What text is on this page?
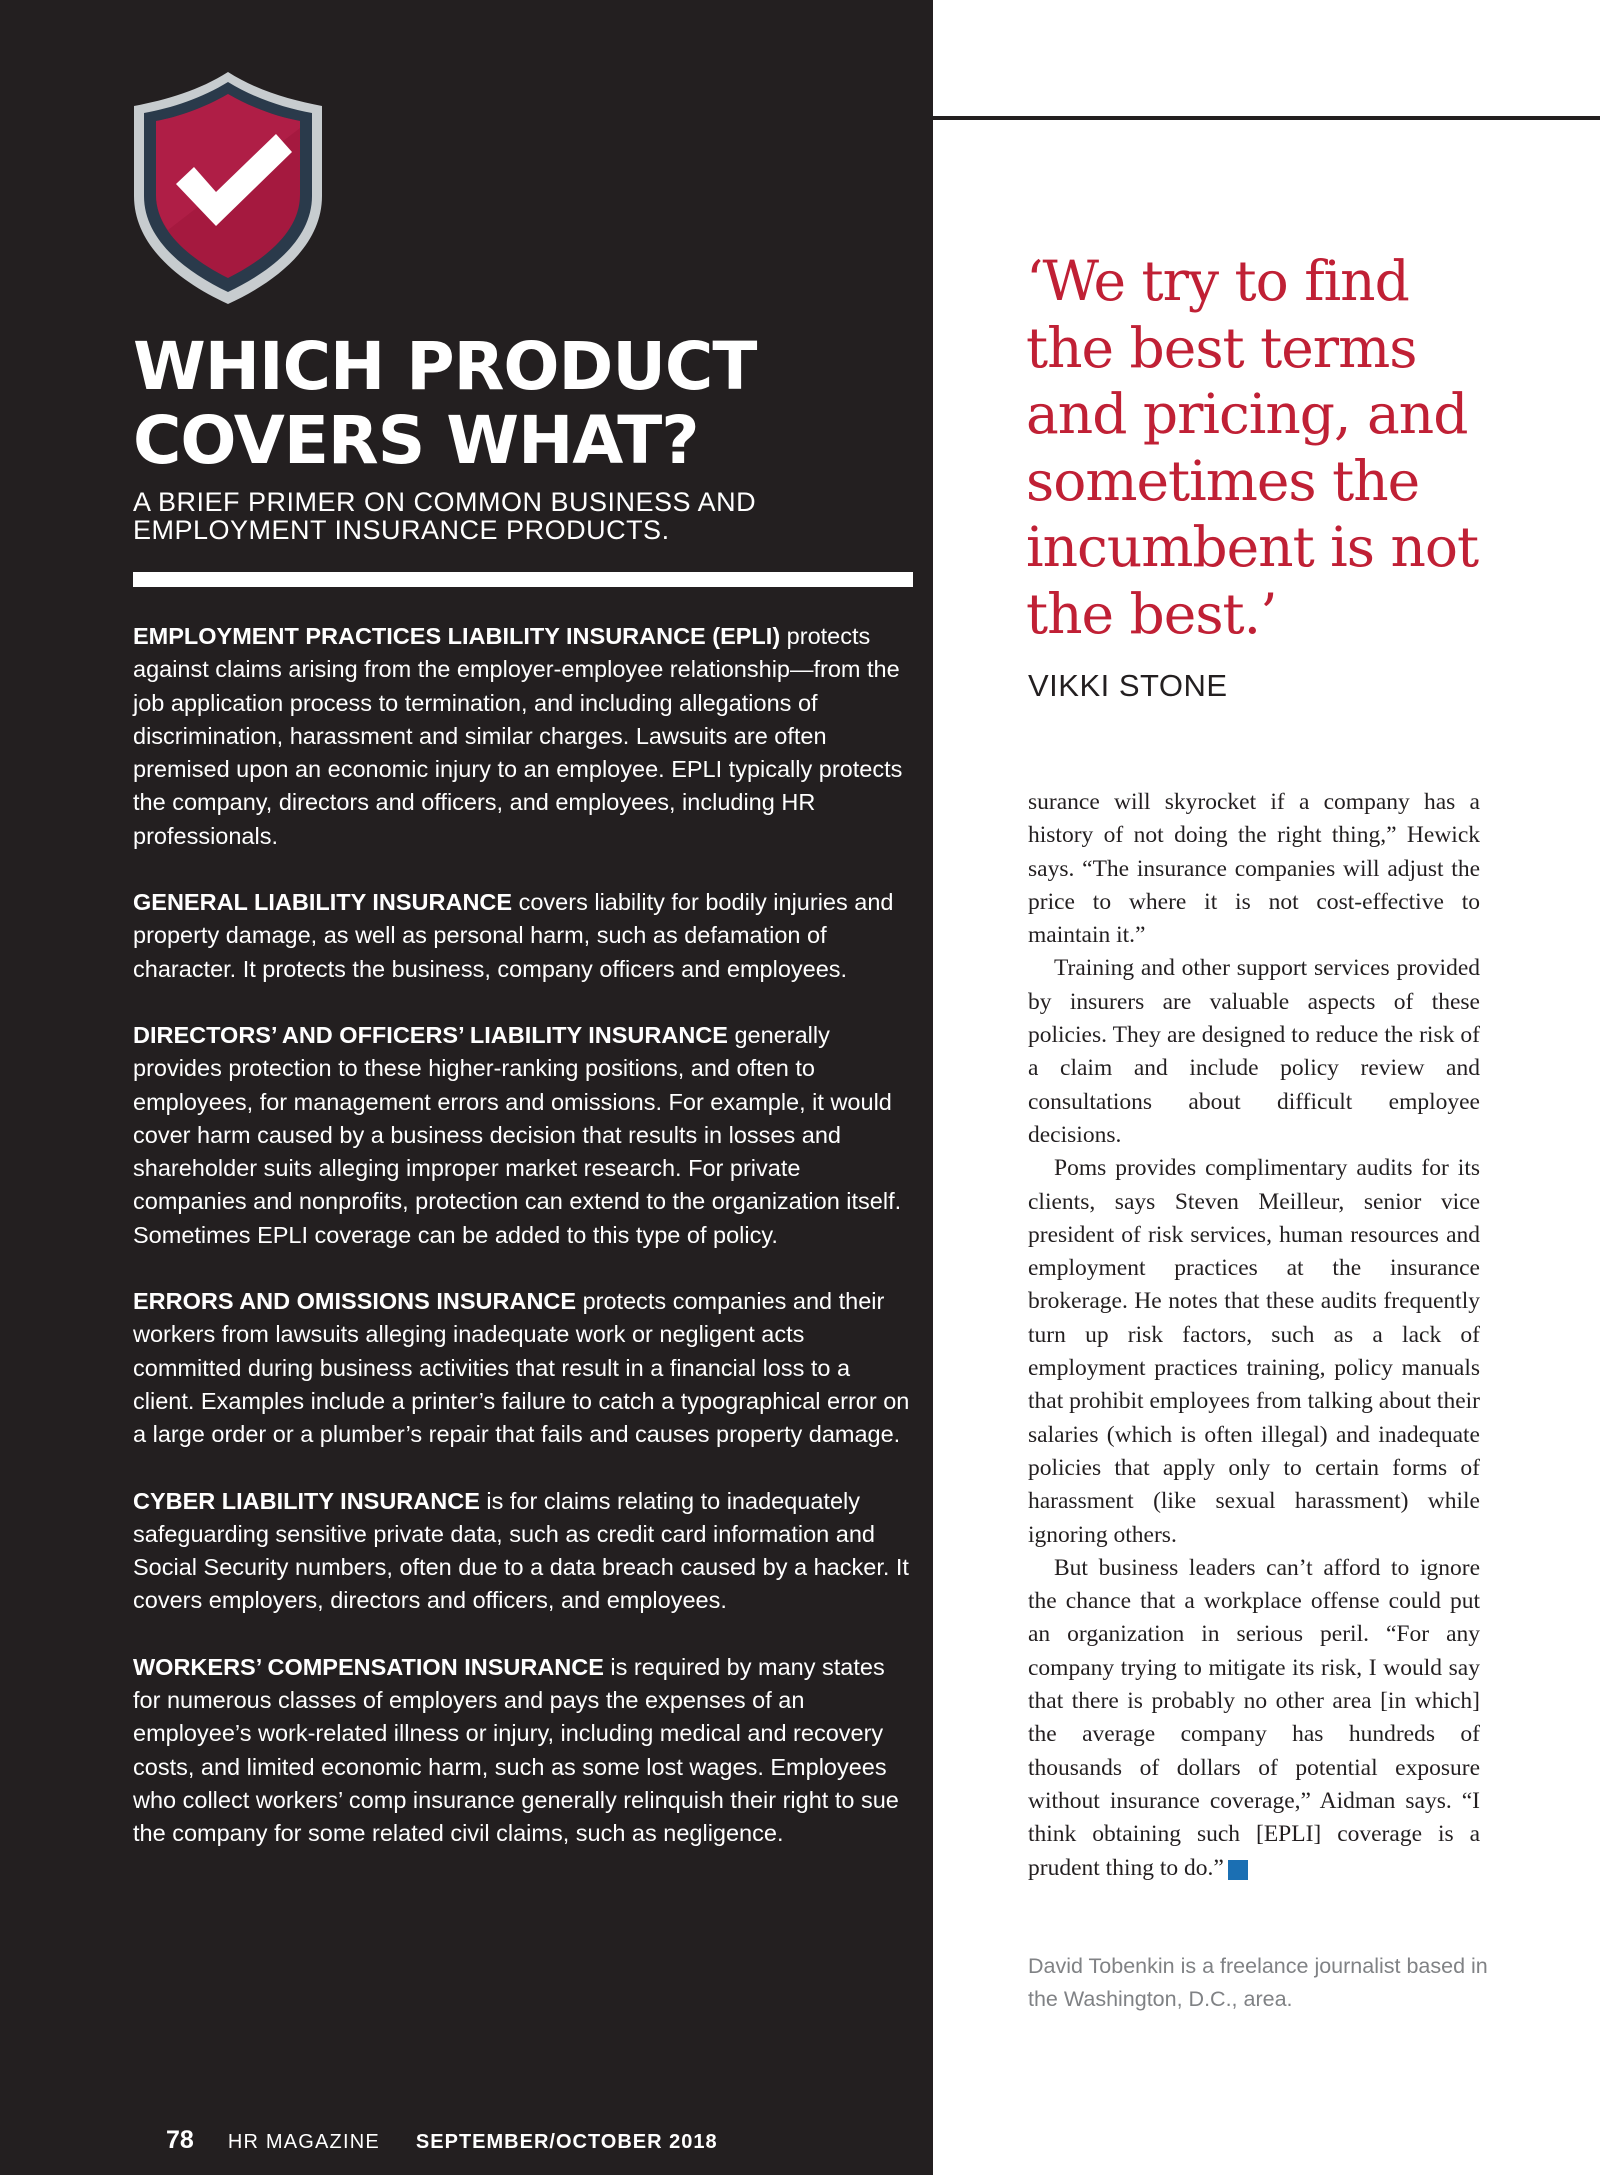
WHICH PRODUCT
COVERS WHAT?

A BRIEF PRIMER ON COMMON BUSINESS AND
EMPLOYMENT INSURANCE PRODUCTS.

EMPLOYMENT PRACTICES LIABILITY INSURANCE (EPLI) protects against claims arising from the employer-employee relationship—from the job application process to termination, and including allegations of discrimination, harassment and similar charges. Lawsuits are often premised upon an economic injury to an employee. EPLI typically protects the company, directors and officers, and employees, including HR professionals.

GENERAL LIABILITY INSURANCE covers liability for bodily injuries and property damage, as well as personal harm, such as defamation of character. It protects the business, company officers and employees.

DIRECTORS’ AND OFFICERS’ LIABILITY INSURANCE generally provides protection to these higher-ranking positions, and often to employees, for management errors and omissions. For example, it would cover harm caused by a business decision that results in losses and shareholder suits alleging improper market research. For private companies and nonprofits, protection can extend to the organization itself. Sometimes EPLI coverage can be added to this type of policy.

ERRORS AND OMISSIONS INSURANCE protects companies and their workers from lawsuits alleging inadequate work or negligent acts committed during business activities that result in a financial loss to a client. Examples include a printer’s failure to catch a typographical error on a large order or a plumber’s repair that fails and causes property damage.

CYBER LIABILITY INSURANCE is for claims relating to inadequately safeguarding sensitive private data, such as credit card information and Social Security numbers, often due to a data breach caused by a hacker. It covers employers, directors and officers, and employees.

WORKERS’ COMPENSATION INSURANCE is required by many states for numerous classes of employers and pays the expenses of an employee’s work-related illness or injury, including medical and recovery costs, and limited economic harm, such as some lost wages. Employees who collect workers’ comp insurance generally relinquish their right to sue the company for some related civil claims, such as negligence.

78 HR MAGAZINE SEPTEMBER/OCTOBER 2018

‘We try to find
the best terms
and pricing, and
sometimes the
incumbent is not
the best.’

VIKKI STONE

surance will skyrocket if a company has a history of not doing the right thing,” Hewick says. “The insurance companies will adjust the price to where it is not cost-effective to maintain it.”

Training and other support services provided by insurers are valuable aspects of these policies. They are designed to reduce the risk of a claim and include policy review and consultations about difficult employee decisions.

Poms provides complimentary audits for its clients, says Steven Meilleur, senior vice president of risk services, human resources and employment practices at the insurance brokerage. He notes that these audits frequently turn up risk factors, such as a lack of employment practices training, policy manuals that prohibit employees from talking about their salaries (which is often illegal) and inadequate policies that apply only to certain forms of harassment (like sexual harassment) while ignoring others.

But business leaders can’t afford to ignore the chance that a workplace offense could put an organization in serious peril. “For any company trying to mitigate its risk, I would say that there is probably no other area [in which] the average company has hundreds of thousands of dollars of potential exposure without insurance coverage,” Aidman says. “I think obtaining such [EPLI] coverage is a prudent thing to do.” HR

David Tobenkin is a freelance journalist based in the Washington, D.C., area.
